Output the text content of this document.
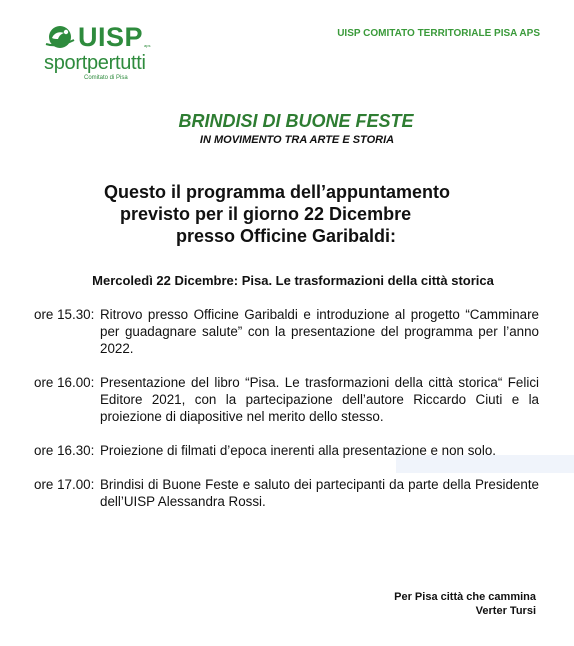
UISP aps
sportpertutti
Comitato di Pisa
UISP COMITATO TERRITORIALE PISA APS
BRINDISI DI BUONE FESTE
IN MOVIMENTO TRA ARTE E STORIA
Questo il programma dell’appuntamento
previsto per il giorno 22 Dicembre
presso Officine Garibaldi:
Mercoledì 22 Dicembre: Pisa. Le trasformazioni della città storica
ore 15.30: Ritrovo presso Officine Garibaldi e introduzione al progetto “Camminare per guadagnare salute” con la presentazione del programma per l’anno 2022.
ore 16.00: Presentazione del libro “Pisa. Le trasformazioni della città storica“ Felici Editore 2021, con la partecipazione dell’autore Riccardo Ciuti e la proiezione di diapositive nel merito dello stesso.
ore 16.30: Proiezione di filmati d’epoca inerenti alla presentazione e non solo.
ore 17.00: Brindisi di Buone Feste e saluto dei partecipanti da parte della Presidente dell’UISP Alessandra Rossi.
Per Pisa città che cammina
Verter Tursi
